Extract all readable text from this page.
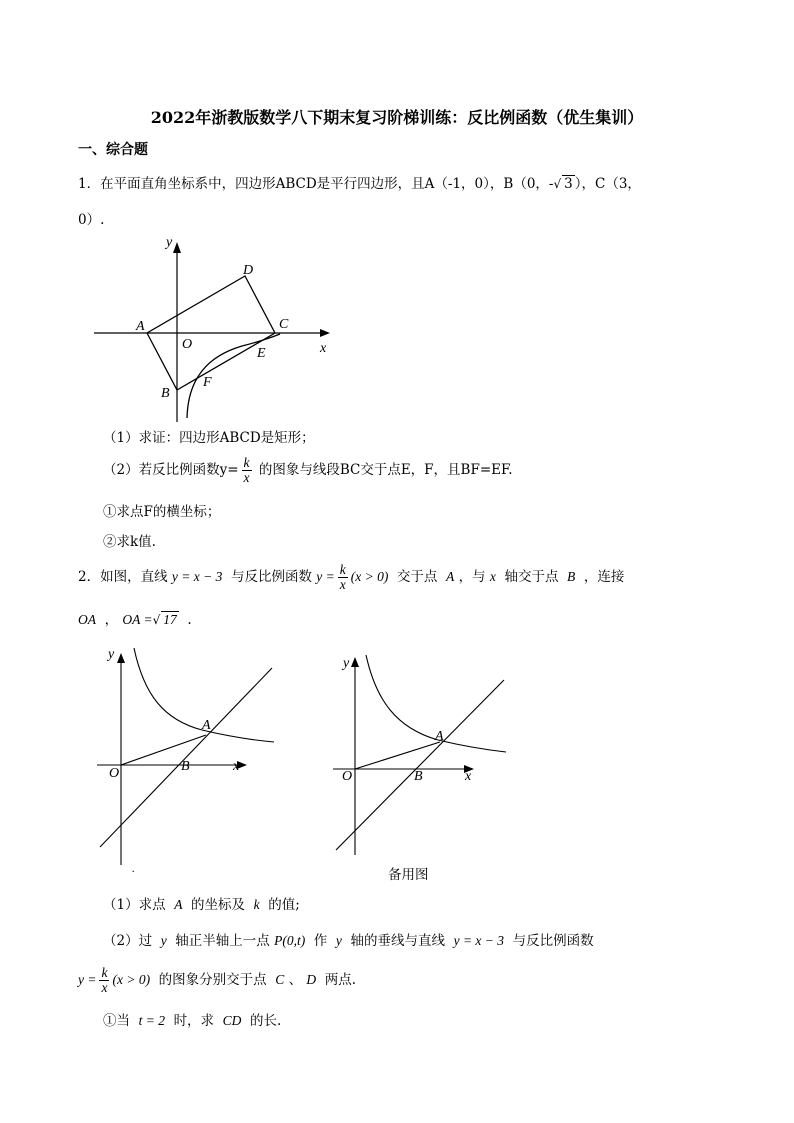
2022年浙教版数学八下期末复习阶梯训练：反比例函数（优生集训）
一、综合题
1．在平面直角坐标系中，四边形ABCD是平行四边形，且A（-1，0），B（0，-√ 3 ），C（3，
0）.
y
x
O
A
B
C
D
E
F
（1）求证：四边形ABCD是矩形；
（2）若反比例函数$y= \frac{k}{x}$ 的图象与线段BC交于点E，F，且BF=EF.
①求点F的横坐标；
②求k值.
2．如图，直线 y = x − 3 与反比例函数 $y = \frac{k}{x} (x > 0)$ 交于点 A ，与 x 轴交于点 B ，连接
OA ， OA =√ 17 .
y
x
O
A
B
.
y
x
O
A
B
备用图
（1）求点 A 的坐标及 k 的值;
（2）过 y 轴正半轴上一点 P(0,t) 作 y 轴的垂线与直线 y = x − 3 与反比例函数
$y = \frac{k}{x} (x > 0)$ 的图象分别交于点 C 、 D 两点.
①当 t = 2 时，求 CD 的长.
